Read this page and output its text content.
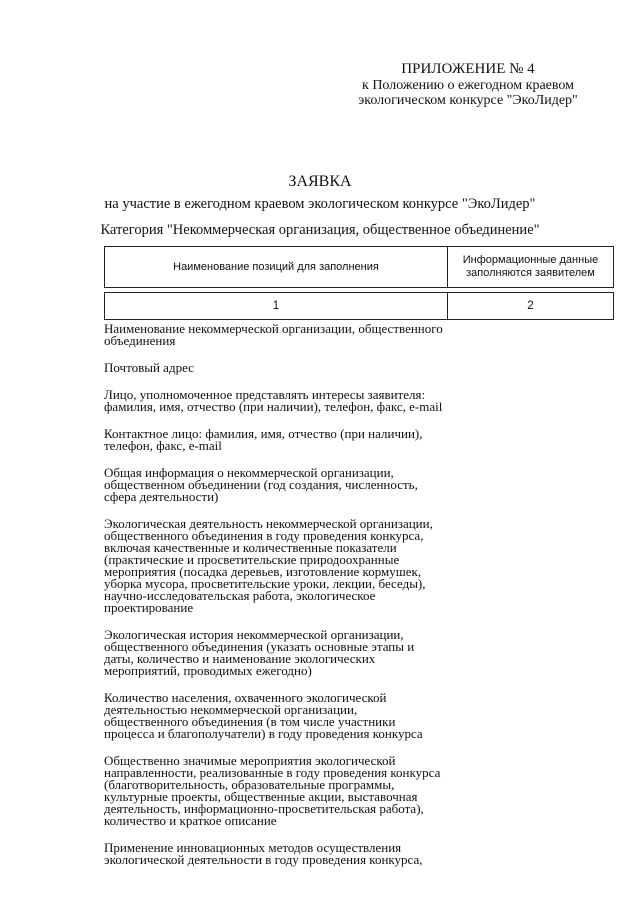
ПРИЛОЖЕНИЕ № 4
к Положению о ежегодном краевом
экологическом конкурсе "ЭкоЛидер"
ЗАЯВКА
на участие в ежегодном краевом экологическом конкурсе "ЭкоЛидер"
Категория "Некоммерческая организация, общественное объединение"
Наименование позиций для заполнения	Информационные данные заполняются заявителем

1	2
Наименование некоммерческой организации, общественного объединения
Почтовый адрес
Лицо, уполномоченное представлять интересы заявителя: фамилия, имя, отчество (при наличии), телефон, факс, e-mail
Контактное лицо: фамилия, имя, отчество (при наличии), телефон, факс, e-mail
Общая информация о некоммерческой организации, общественном объединении (год создания, численность, сфера деятельности)
Экологическая деятельность некоммерческой организации, общественного объединения в году проведения конкурса, включая качественные и количественные показатели (практические и просветительские природоохранные мероприятия (посадка деревьев, изготовление кормушек, уборка мусора, просветительские уроки, лекции, беседы), научно-исследовательская работа, экологическое проектирование
Экологическая история некоммерческой организации, общественного объединения (указать основные этапы и даты, количество и наименование экологических мероприятий, проводимых ежегодно)
Количество населения, охваченного экологической деятельностью некоммерческой организации, общественного объединения (в том числе участники процесса и благополучатели) в году проведения конкурса
Общественно значимые мероприятия экологической направленности, реализованные в году проведения конкурса (благотворительность, образовательные программы, культурные проекты, общественные акции, выставочная деятельность, информационно-просветительская работа), количество и краткое описание
Применение инновационных методов осуществления экологической деятельности в году проведения конкурса,
